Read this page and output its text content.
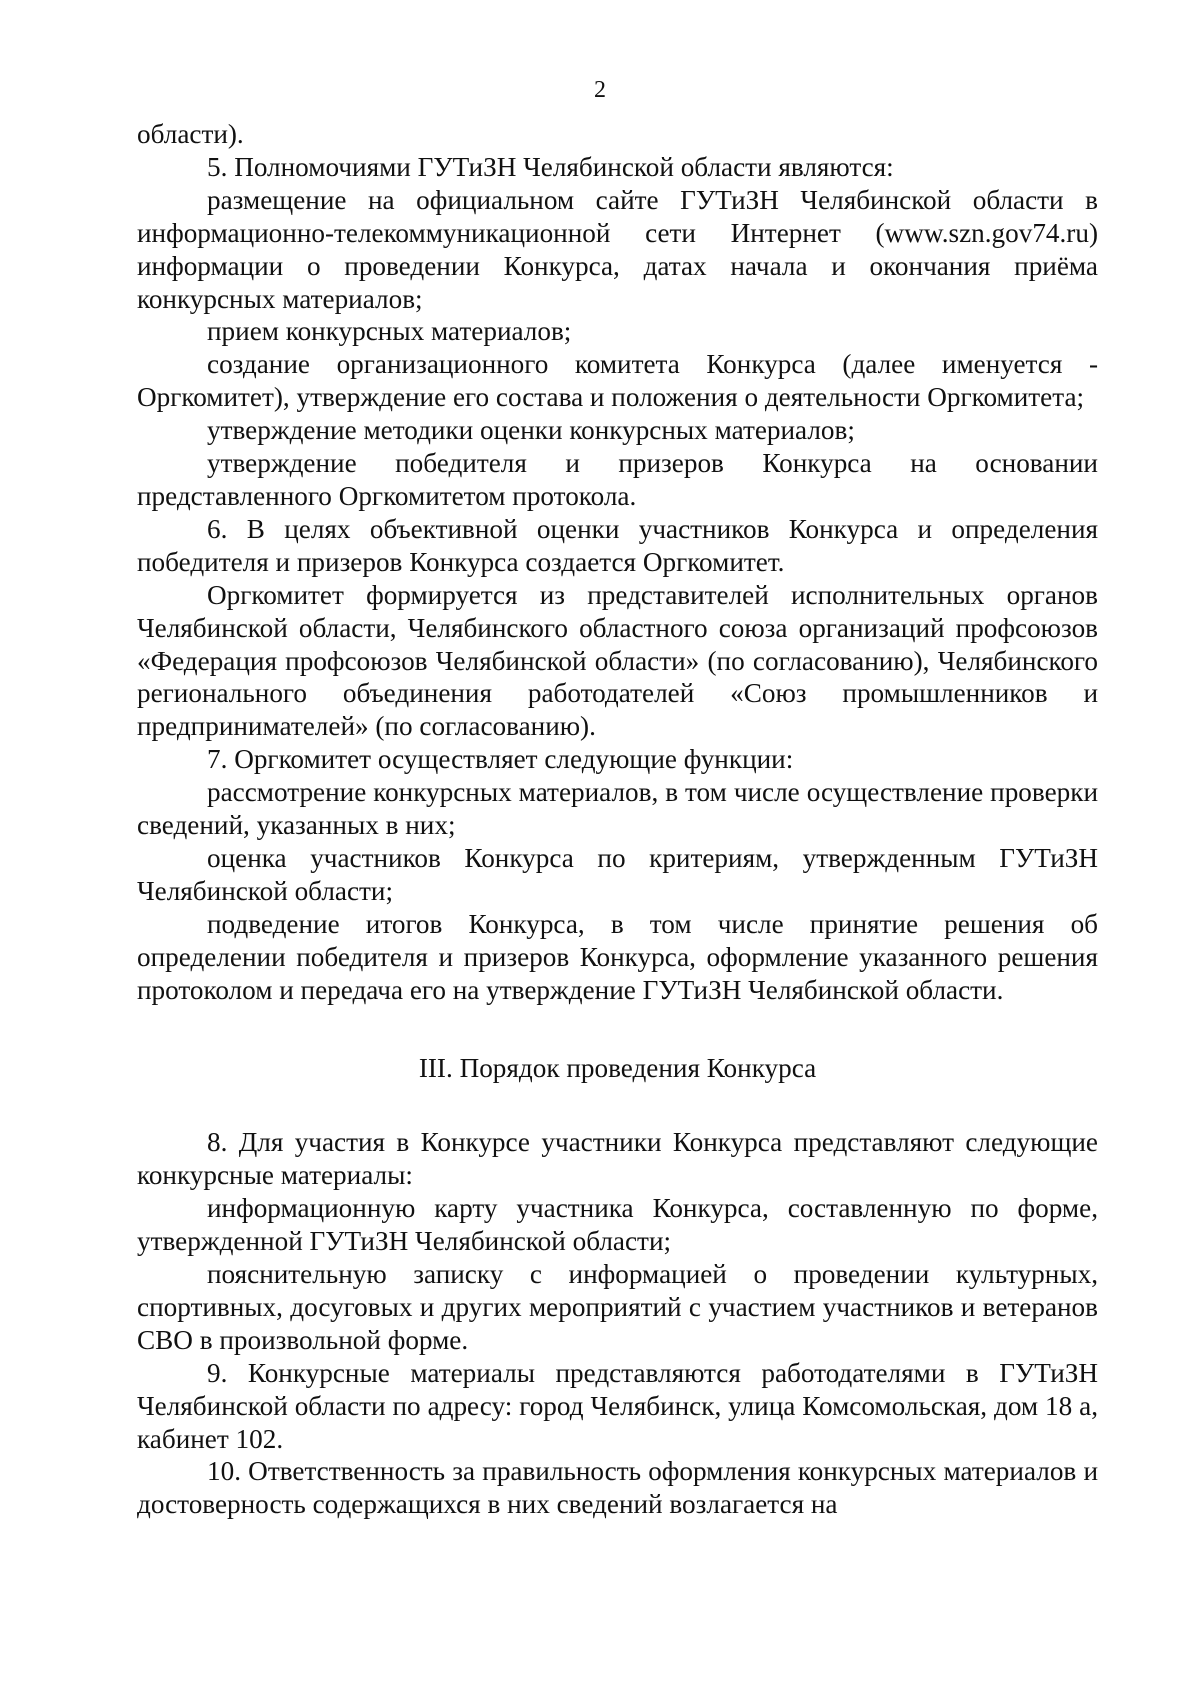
2

области).

5. Полномочиями ГУТиЗН Челябинской области являются:

размещение на официальном сайте ГУТиЗН Челябинской области в информационно-телекоммуникационной сети Интернет (www.szn.gov74.ru) информации о проведении Конкурса, датах начала и окончания приёма конкурсных материалов;

прием конкурсных материалов;

создание организационного комитета Конкурса (далее именуется - Оргкомитет), утверждение его состава и положения о деятельности Оргкомитета;

утверждение методики оценки конкурсных материалов;

утверждение победителя и призеров Конкурса на основании представленного Оргкомитетом протокола.

6. В целях объективной оценки участников Конкурса и определения победителя и призеров Конкурса создается Оргкомитет.

Оргкомитет формируется из представителей исполнительных органов Челябинской области, Челябинского областного союза организаций профсоюзов «Федерация профсоюзов Челябинской области» (по согласованию), Челябинского регионального объединения работодателей «Союз промышленников и предпринимателей» (по согласованию).

7. Оргкомитет осуществляет следующие функции:

рассмотрение конкурсных материалов, в том числе осуществление проверки сведений, указанных в них;

оценка участников Конкурса по критериям, утвержденным ГУТиЗН Челябинской области;

подведение итогов Конкурса, в том числе принятие решения об определении победителя и призеров Конкурса, оформление указанного решения протоколом и передача его на утверждение ГУТиЗН Челябинской области.

III. Порядок проведения Конкурса

8. Для участия в Конкурсе участники Конкурса представляют следующие конкурсные материалы:

информационную карту участника Конкурса, составленную по форме, утвержденной ГУТиЗН Челябинской области;

пояснительную записку с информацией о проведении культурных, спортивных, досуговых и других мероприятий с участием участников и ветеранов СВО в произвольной форме.

9. Конкурсные материалы представляются работодателями в ГУТиЗН Челябинской области по адресу: город Челябинск, улица Комсомольская, дом 18 а, кабинет 102.

10. Ответственность за правильность оформления конкурсных материалов и достоверность содержащихся в них сведений возлагается на
